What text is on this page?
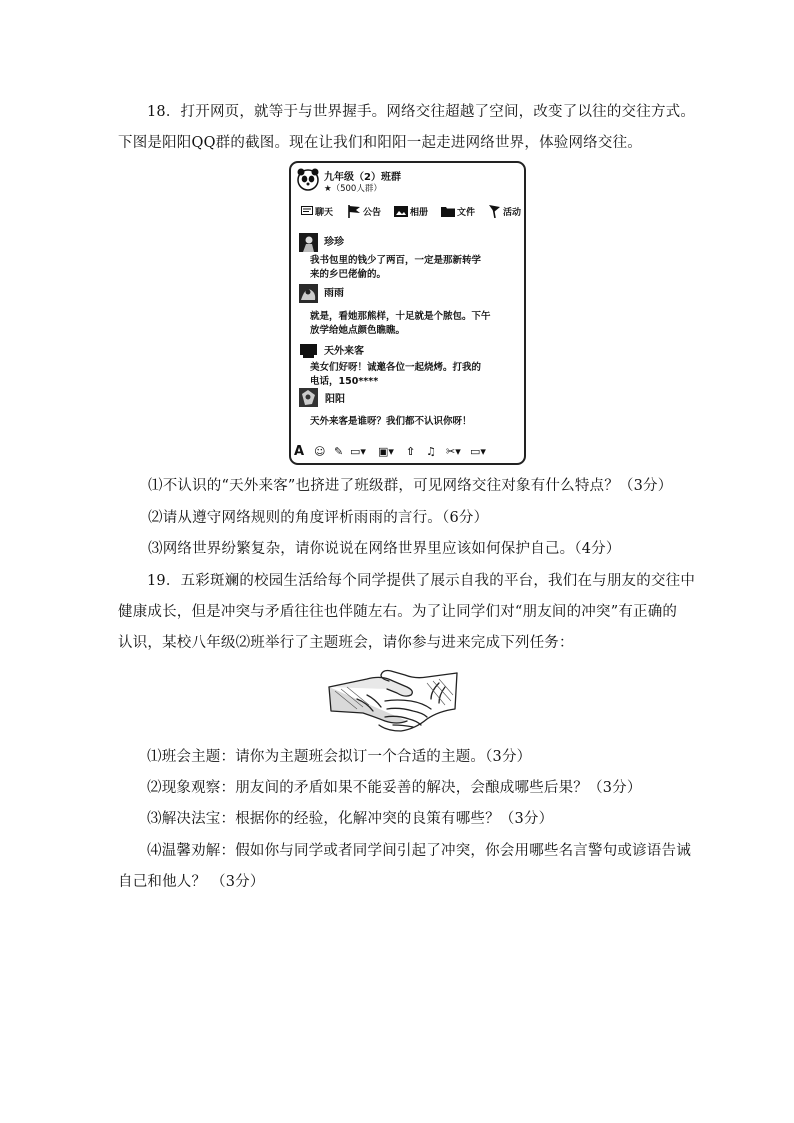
18．打开网页，就等于与世界握手。网络交往超越了空间，改变了以往的交往方式。
下图是阳阳QQ群的截图。现在让我们和阳阳一起走进网络世界，体验网络交往。
九年级（2）班群
★（500人群）
聊天	公告	相册	文件	活动
珍珍
我书包里的钱少了两百，一定是那新转学
来的乡巴佬偷的。
雨雨
就是，看她那熊样，十足就是个脓包。下午
放学给她点颜色瞧瞧。
天外来客
美女们好呀！诚邀各位一起烧烤。打我的
电话，150****
阳阳
天外来客是谁呀？我们都不认识你呀！
A ☺ ✎ ▭▾ ▣▾ ⇧ ♫ ✂▾ ▭▾
⑴不认识的“天外来客”也挤进了班级群，可见网络交往对象有什么特点？（3分）
⑵请从遵守网络规则的角度评析雨雨的言行。（6分）
⑶网络世界纷繁复杂，请你说说在网络世界里应该如何保护自己。（4分）
19．五彩斑斓的校园生活给每个同学提供了展示自我的平台，我们在与朋友的交往中
健康成长，但是冲突与矛盾往往也伴随左右。为了让同学们对“朋友间的冲突”有正确的
认识，某校八年级⑵班举行了主题班会，请你参与进来完成下列任务：
⑴班会主题：请你为主题班会拟订一个合适的主题。（3分）
⑵现象观察：朋友间的矛盾如果不能妥善的解决，会酿成哪些后果？（3分）
⑶解决法宝：根据你的经验，化解冲突的良策有哪些？（3分）
⑷温馨劝解：假如你与同学或者同学间引起了冲突，你会用哪些名言警句或谚语告诫
自己和他人？ （3分）
